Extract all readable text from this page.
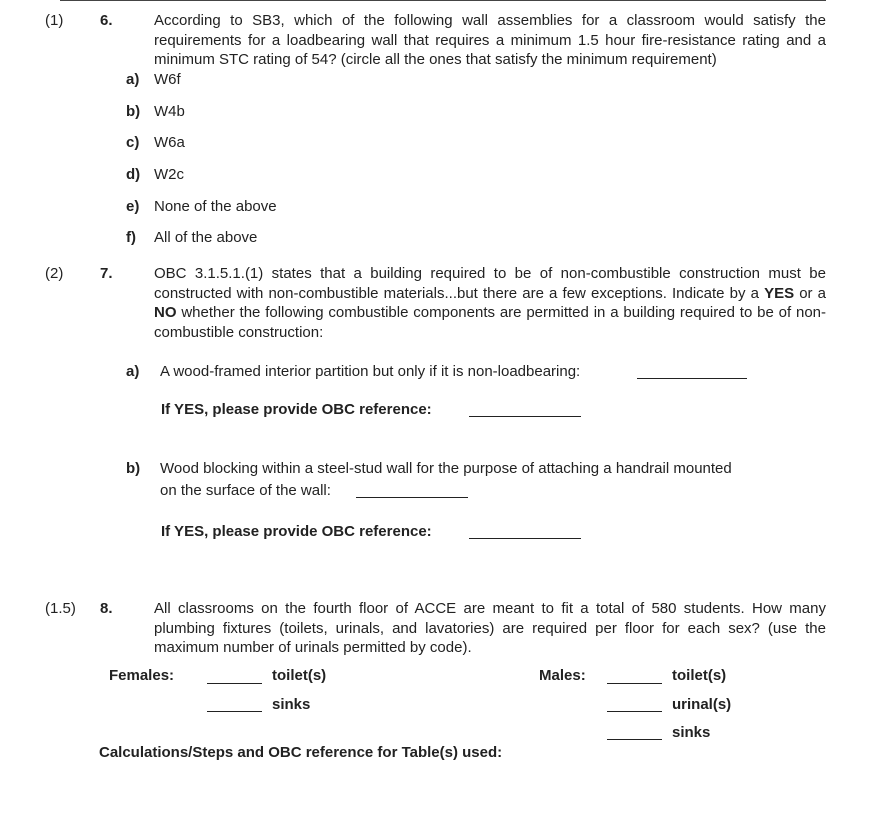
(1) 6.	According to SB3, which of the following wall assemblies for a classroom would satisfy the requirements for a loadbearing wall that requires a minimum 1.5 hour fire-resistance rating and a minimum STC rating of 54? (circle all the ones that satisfy the minimum requirement)
a) W6f
b) W4b
c) W6a
d) W2c
e) None of the above
f) All of the above
(2) 7.	OBC 3.1.5.1.(1) states that a building required to be of non-combustible construction must be constructed with non-combustible materials...but there are a few exceptions. Indicate by a YES or a NO whether the following combustible components are permitted in a building required to be of non-combustible construction:
a) A wood-framed interior partition but only if it is non-loadbearing:
If YES, please provide OBC reference:
b) Wood blocking within a steel-stud wall for the purpose of attaching a handrail mounted
on the surface of the wall:
If YES, please provide OBC reference:
(1.5) 8.	All classrooms on the fourth floor of ACCE are meant to fit a total of 580 students. How many plumbing fixtures (toilets, urinals, and lavatories) are required per floor for each sex? (use the maximum number of urinals permitted by code).
Females:	toilet(s)
sinks
Males:	toilet(s)
urinal(s)
sinks
Calculations/Steps and OBC reference for Table(s) used:
